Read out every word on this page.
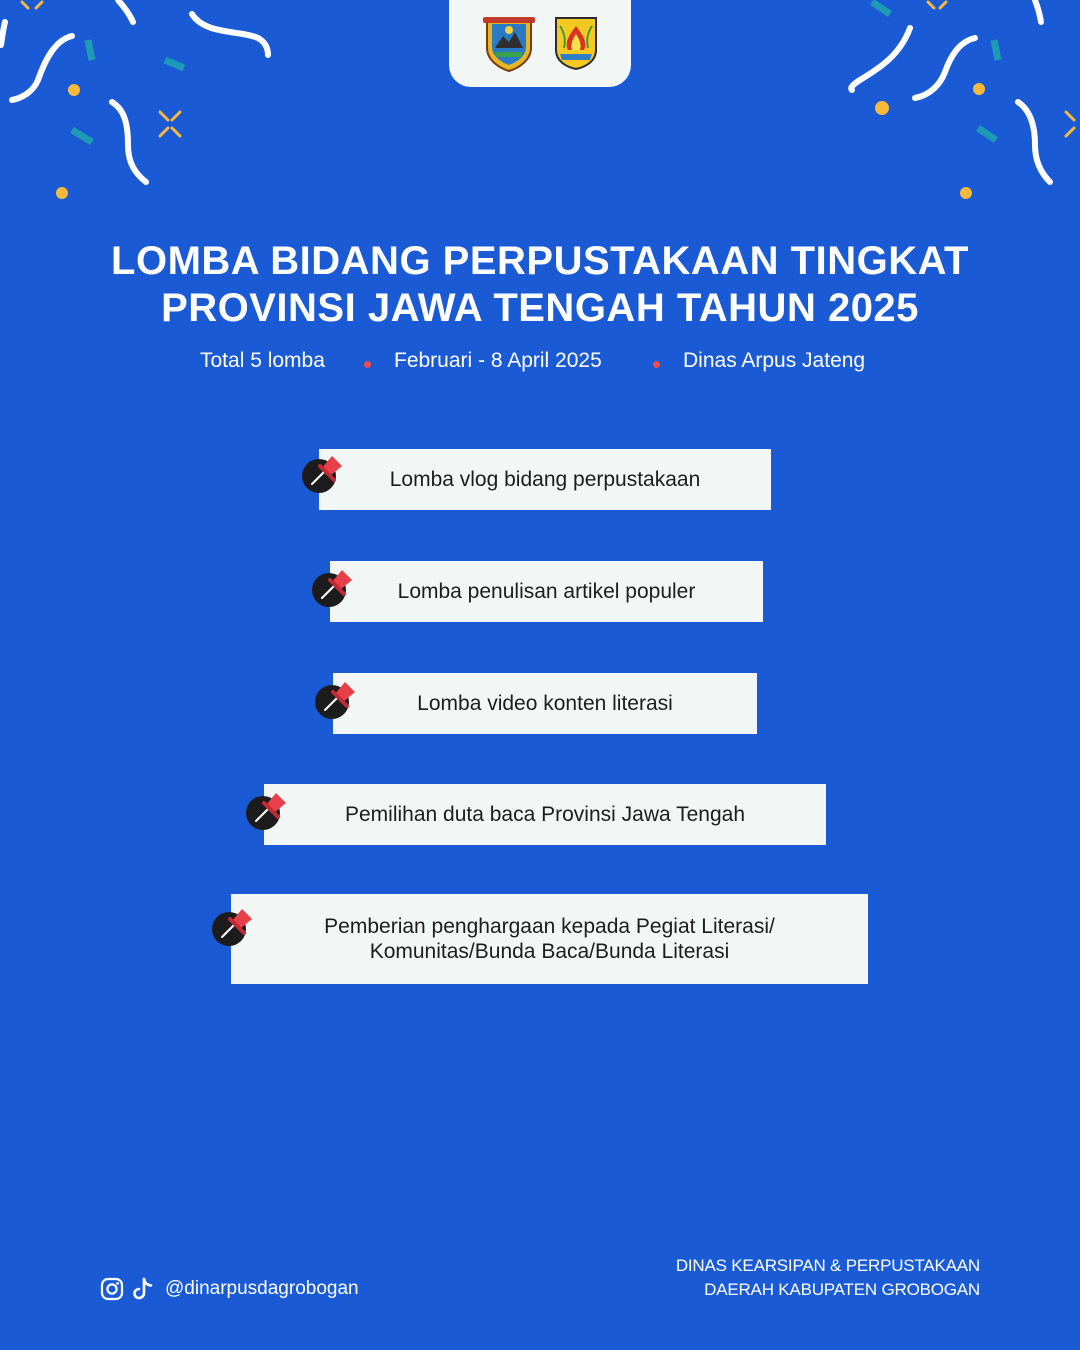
LOMBA BIDANG PERPUSTAKAAN TINGKAT
PROVINSI JAWA TENGAH TAHUN 2025
Total 5 lomba	Februari - 8 April 2025	Dinas Arpus Jateng
Lomba vlog bidang perpustakaan
Lomba penulisan artikel populer
Lomba video konten literasi
Pemilihan duta baca Provinsi Jawa Tengah
Pemberian penghargaan kepada Pegiat Literasi/ Komunitas/Bunda Baca/Bunda Literasi
@dinarpusdagrobogan
DINAS KEARSIPAN & PERPUSTAKAAN
DAERAH KABUPATEN GROBOGAN
